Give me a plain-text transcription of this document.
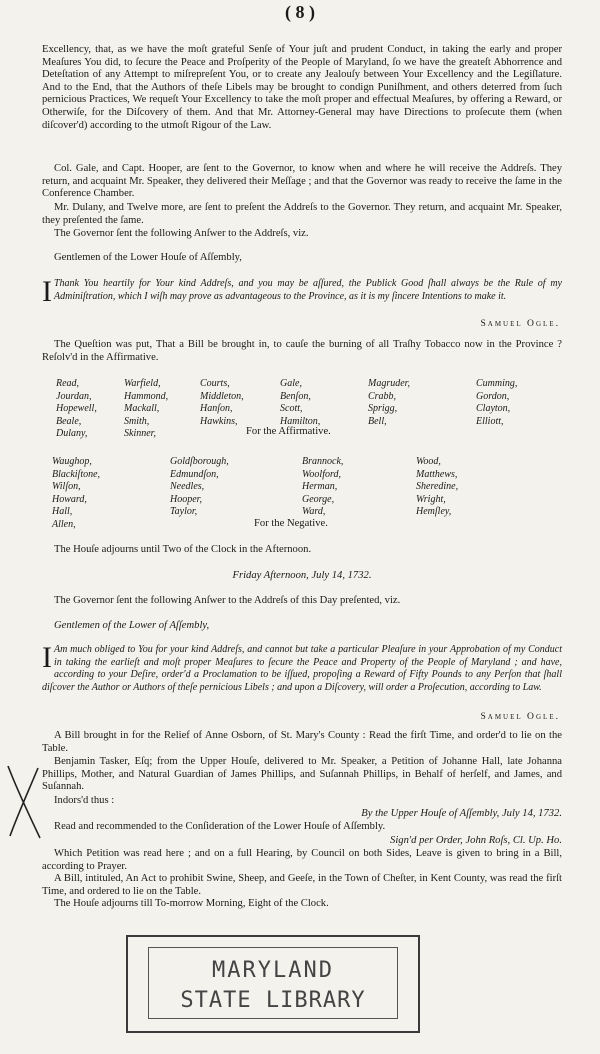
( 8 )

Excellency, that, as we have the moſt grateful Senſe of Your juſt and prudent Conduct, in taking the early and proper Meaſures You did, to ſecure the Peace and Proſperity of the People of Maryland, ſo we have the greateſt Abhorrence and Deteſtation of any Attempt to miſrepreſent You, or to create any Jealouſy between Your Excellency and the Legiſlature. And to the End, that the Authors of theſe Libels may be brought to condign Puniſhment, and others deterred from ſuch pernicious Practices, We requeſt Your Excellency to take the moſt proper and effectual Meaſures, by offering a Reward, or Otherwiſe, for the Diſcovery of them. And that Mr. Attorney-General may have Directions to proſecute them (when diſcover'd) according to the utmoſt Rigour of the Law.

Col. Gale, and Capt. Hooper, are ſent to the Governor, to know when and where he will receive the Addreſs. They return, and acquaint Mr. Speaker, they delivered their Meſſage ; and that the Governor was ready to receive the ſame in the Conference Chamber.

Mr. Dulany, and Twelve more, are ſent to preſent the Addreſs to the Governor. They return, and acquaint Mr. Speaker, they preſented the ſame.

The Governor ſent the following Anſwer to the Addreſs, viz.

Gentlemen of the Lower Houſe of Aſſembly,

I Thank You heartily for Your kind Addreſs, and you may be aſſured, the Publick Good ſhall always be the Rule of my Adminiſtration, which I wiſh may prove as advantageous to the Province, as it is my ſincere Intentions to make it.

Samuel Ogle.

The Queſtion was put, That a Bill be brought in, to cauſe the burning of all Traſhy Tobacco now in the Province ? Reſolv'd in the Affirmative.

Read,
Jourdan,
Hopewell,
Beale,
Dulany,
Warfield,
Hammond,
Mackall,
Smith,
Skinner,
Courts,
Middleton,
Hanſon,
Hawkins,
Gale,
Benſon,
Scott,
Hamilton,
Magruder,
Crabb,
Sprigg,
Bell,
Cumming,
Gordon,
Clayton,
Elliott,
For the Affirmative.
Waughop,
Blackiſtone,
Wilſon,
Howard,
Hall,
Allen,
Goldſborough,
Edmundſon,
Needles,
Hooper,
Taylor,
Brannock,
Woolford,
Herman,
George,
Ward,
Wood,
Matthews,
Sheredine,
Wright,
Hemſley,
For the Negative.

The Houſe adjourns until Two of the Clock in the Afternoon.

Friday Afternoon, July 14, 1732.

The Governor ſent the following Anſwer to the Addreſs of this Day preſented, viz.

Gentlemen of the Lower of Aſſembly,

I Am much obliged to You for your kind Addreſs, and cannot but take a particular Pleaſure in your Approbation of my Conduct in taking the earlieſt and moſt proper Meaſures to ſecure the Peace and Property of the People of Maryland ; and have, according to your Deſire, order'd a Proclamation to be iſſued, propoſing a Reward of Fifty Pounds to any Perſon that ſhall diſcover the Author or Authors of theſe pernicious Libels ; and upon a Diſcovery, will order a Proſecution, according to Law.

Samuel Ogle.

A Bill brought in for the Relief of Anne Osborn, of St. Mary's County : Read the firſt Time, and order'd to lie on the Table.

Benjamin Tasker, Eſq; from the Upper Houſe, delivered to Mr. Speaker, a Petition of Johanne Hall, late Johanna Phillips, Mother, and Natural Guardian of James Phillips, and Suſannah Phillips, in Behalf of herſelf, and James, and Suſannah.

Indors'd thus :

By the Upper Houſe of Aſſembly, July 14, 1732.

Read and recommended to the Conſideration of the Lower Houſe of Aſſembly.

Sign'd per Order, John Roſs, Cl. Up. Ho.

Which Petition was read here ; and on a full Hearing, by Council on both Sides, Leave is given to bring in a Bill, according to Prayer.

A Bill, intituled, An Act to prohibit Swine, Sheep, and Geeſe, in the Town of Cheſter, in Kent County, was read the firſt Time, and ordered to lie on the Table.

The Houſe adjourns till To-morrow Morning, Eight of the Clock.

MARYLAND
STATE LIBRARY
